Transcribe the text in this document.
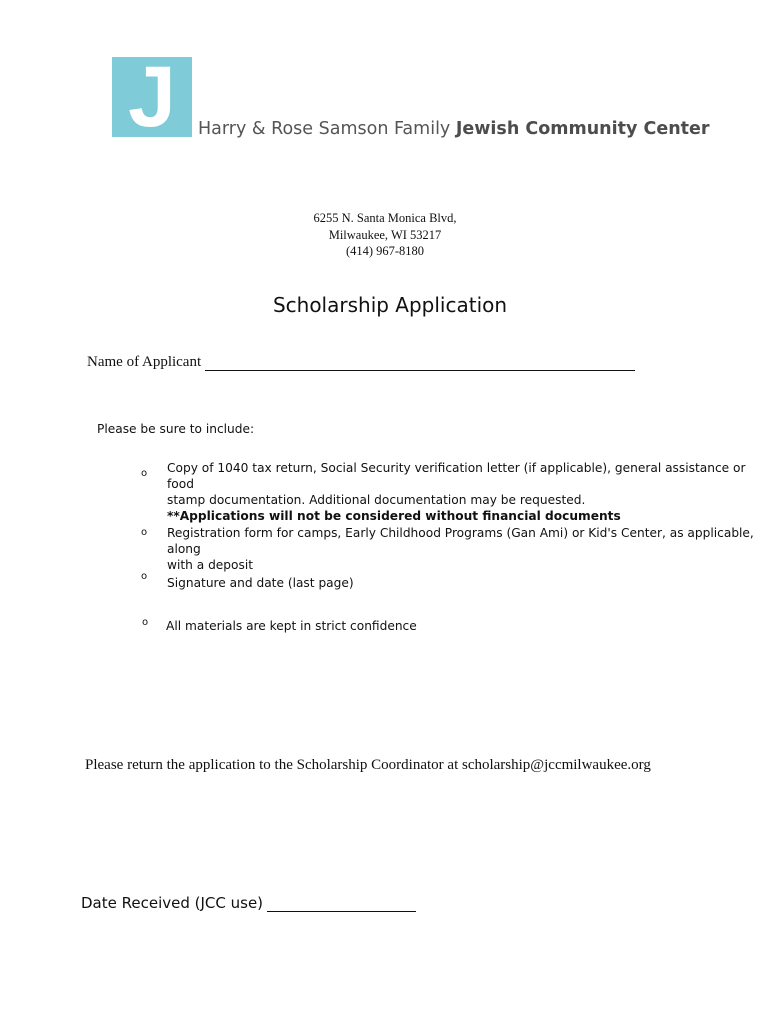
J	Harry & Rose Samson Family Jewish Community Center
6255 N. Santa Monica Blvd,
Milwaukee, WI 53217
(414) 967-8180
Scholarship Application
Name of Applicant
Please be sure to include:
o Copy of 1040 tax return, Social Security verification letter (if applicable), general assistance or food
stamp documentation. Additional documentation may be requested.
**Applications will not be considered without financial documents
o Registration form for camps, Early Childhood Programs (Gan Ami) or Kid's Center, as applicable, along
with a deposit
o Signature and date (last page)
o All materials are kept in strict confidence
Please return the application to the Scholarship Coordinator at scholarship@jccmilwaukee.org
Date Received (JCC use)
